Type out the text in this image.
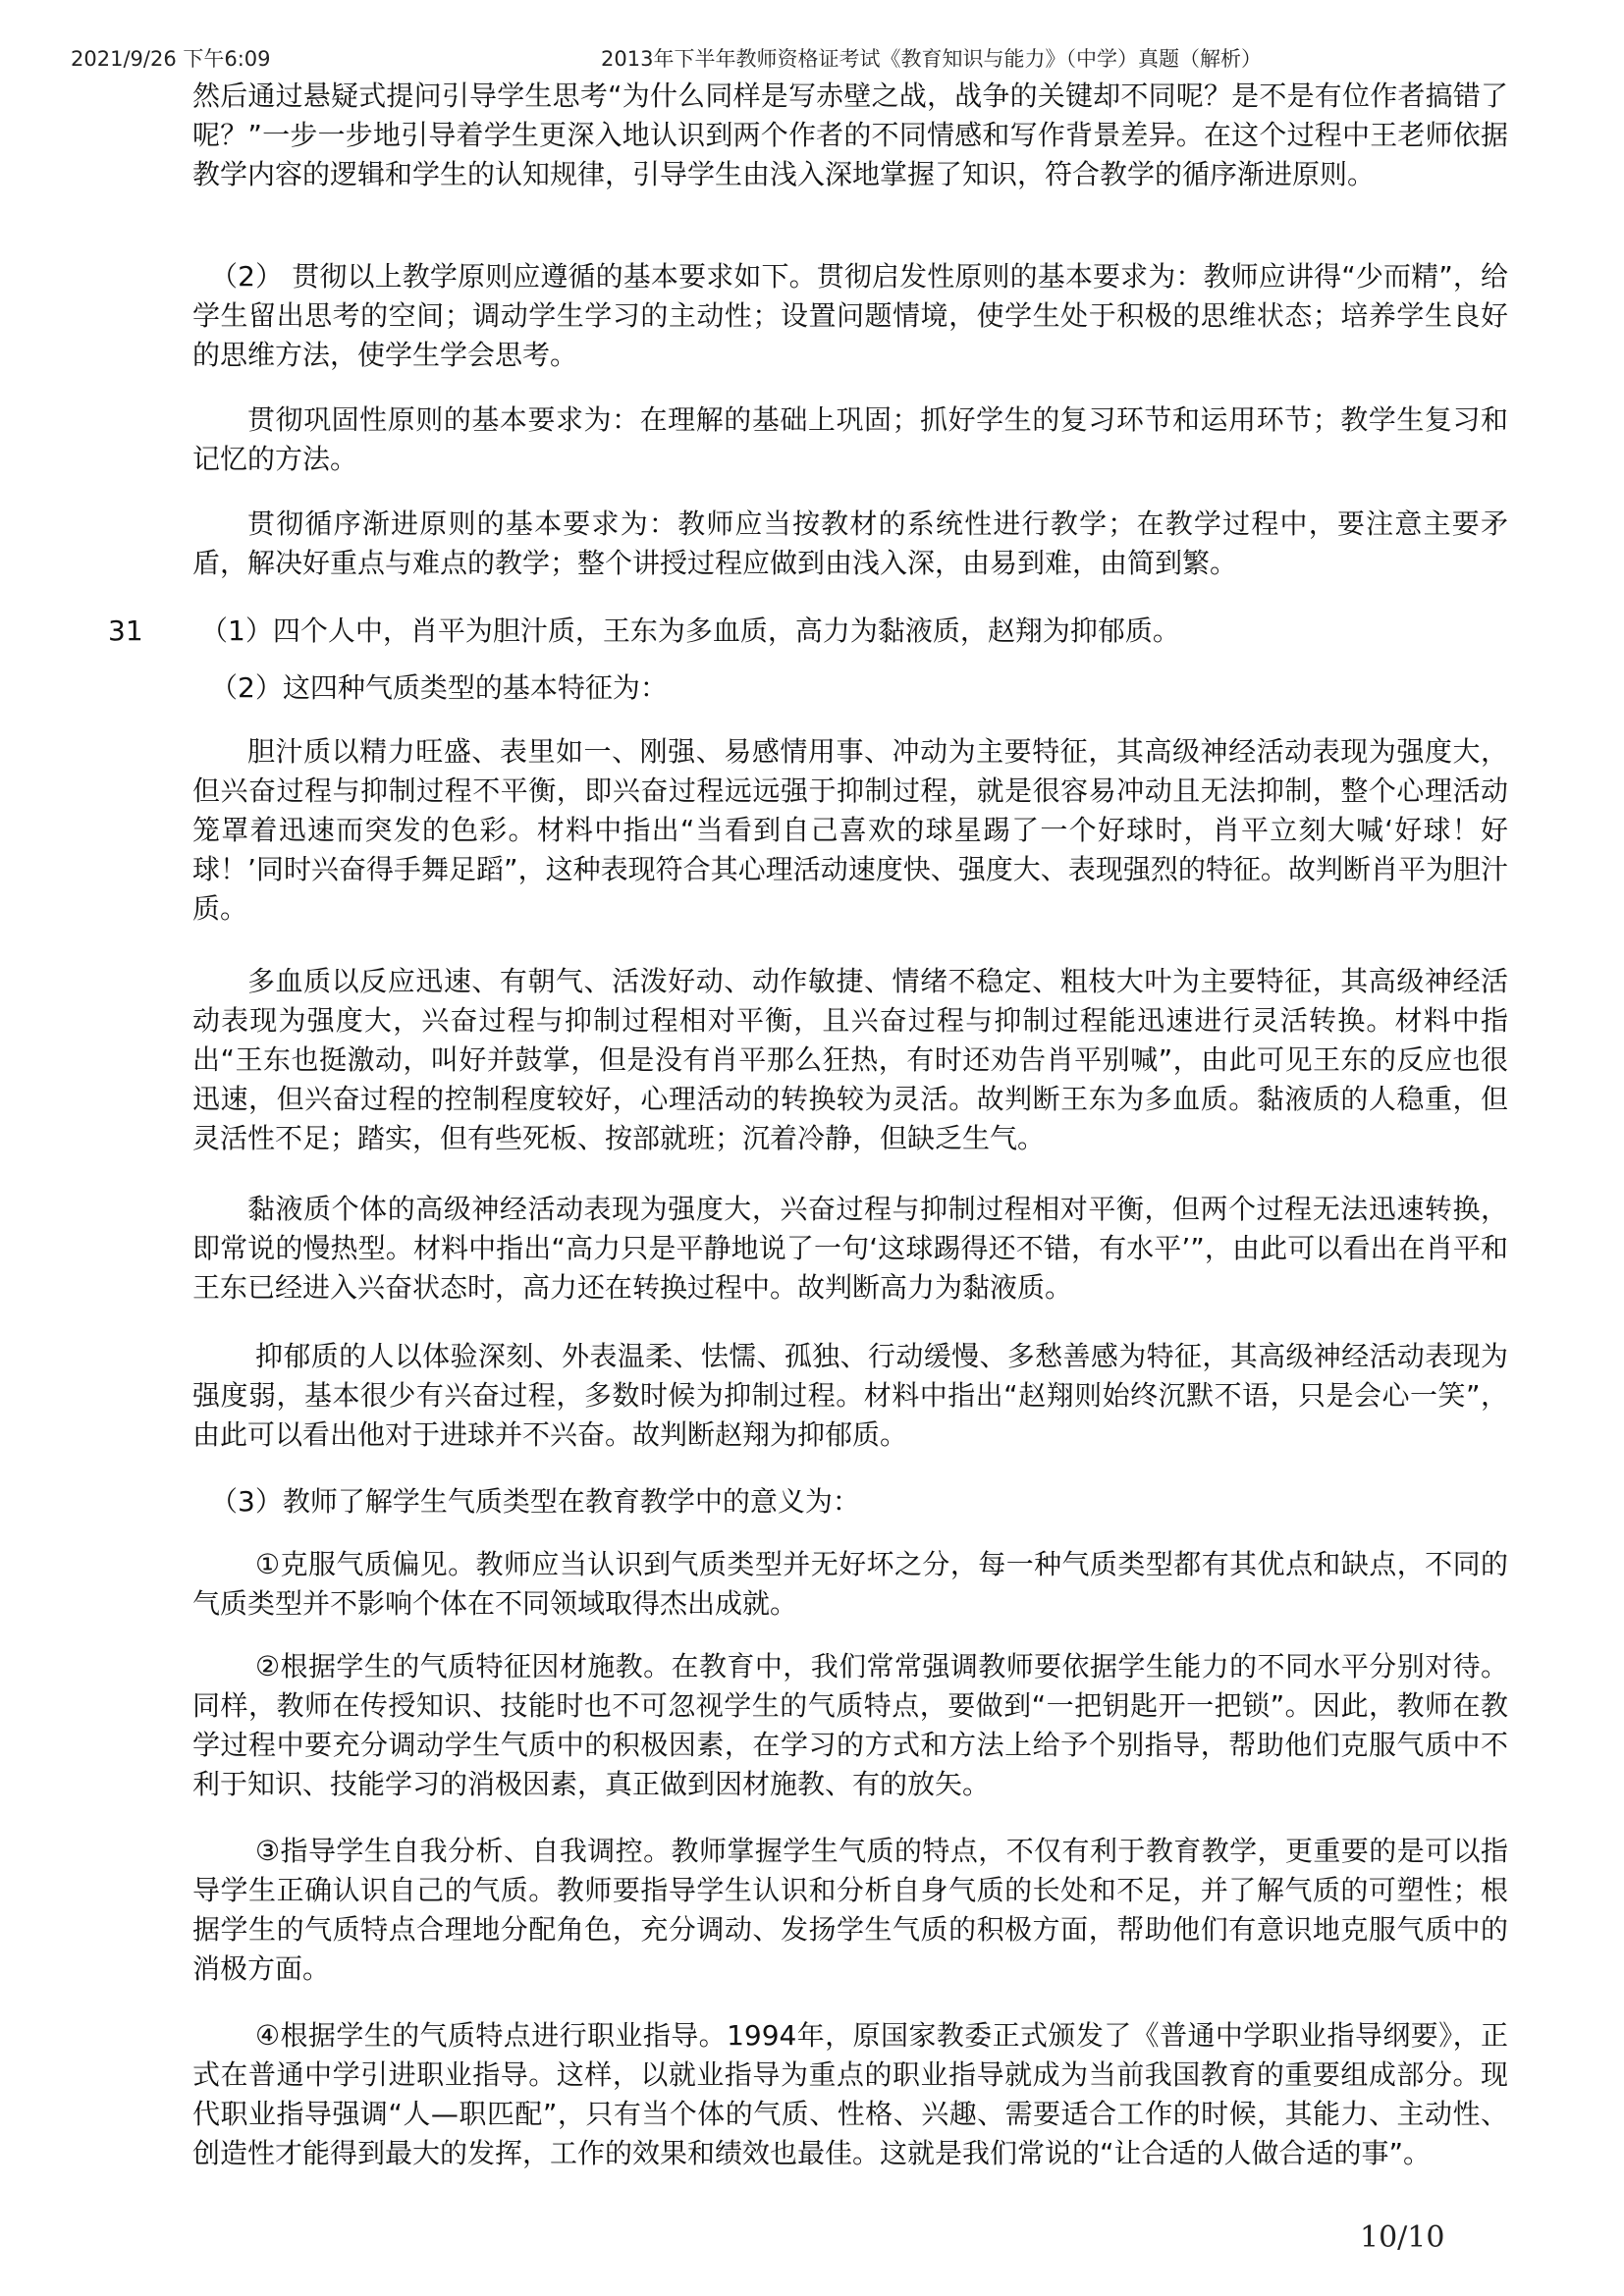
2021/9/26 下午6:09	2013年下半年教师资格证考试《教育知识与能力》（中学）真题（解析）

然后通过悬疑式提问引导学生思考“为什么同样是写赤壁之战，战争的关键却不同呢？是不是有位作者搞错了呢？”一步一步地引导着学生更深入地认识到两个作者的不同情感和写作背景差异。在这个过程中王老师依据教学内容的逻辑和学生的认知规律，引导学生由浅入深地掌握了知识，符合教学的循序渐进原则。

（2） 贯彻以上教学原则应遵循的基本要求如下。贯彻启发性原则的基本要求为：教师应讲得“少而精”，给学生留出思考的空间；调动学生学习的主动性；设置问题情境，使学生处于积极的思维状态；培养学生良好的思维方法，使学生学会思考。

贯彻巩固性原则的基本要求为：在理解的基础上巩固；抓好学生的复习环节和运用环节；教学生复习和记忆的方法。

贯彻循序渐进原则的基本要求为：教师应当按教材的系统性进行教学；在教学过程中，要注意主要矛盾，解决好重点与难点的教学；整个讲授过程应做到由浅入深，由易到难，由简到繁。

31 （1）四个人中，肖平为胆汁质，王东为多血质，高力为黏液质，赵翔为抑郁质。

（2）这四种气质类型的基本特征为：

胆汁质以精力旺盛、表里如一、刚强、易感情用事、冲动为主要特征，其高级神经活动表现为强度大，但兴奋过程与抑制过程不平衡，即兴奋过程远远强于抑制过程，就是很容易冲动且无法抑制，整个心理活动笼罩着迅速而突发的色彩。材料中指出“当看到自己喜欢的球星踢了一个好球时，肖平立刻大喊‘好球！好球！’同时兴奋得手舞足蹈”，这种表现符合其心理活动速度快、强度大、表现强烈的特征。故判断肖平为胆汁质。

多血质以反应迅速、有朝气、活泼好动、动作敏捷、情绪不稳定、粗枝大叶为主要特征，其高级神经活动表现为强度大，兴奋过程与抑制过程相对平衡，且兴奋过程与抑制过程能迅速进行灵活转换。材料中指出“王东也挺激动，叫好并鼓掌，但是没有肖平那么狂热，有时还劝告肖平别喊”，由此可见王东的反应也很迅速，但兴奋过程的控制程度较好，心理活动的转换较为灵活。故判断王东为多血质。黏液质的人稳重，但灵活性不足；踏实，但有些死板、按部就班；沉着冷静，但缺乏生气。

黏液质个体的高级神经活动表现为强度大，兴奋过程与抑制过程相对平衡，但两个过程无法迅速转换，即常说的慢热型。材料中指出“高力只是平静地说了一句‘这球踢得还不错，有水平’”，由此可以看出在肖平和王东已经进入兴奋状态时，高力还在转换过程中。故判断高力为黏液质。

抑郁质的人以体验深刻、外表温柔、怯懦、孤独、行动缓慢、多愁善感为特征，其高级神经活动表现为强度弱，基本很少有兴奋过程，多数时候为抑制过程。材料中指出“赵翔则始终沉默不语，只是会心一笑”，由此可以看出他对于进球并不兴奋。故判断赵翔为抑郁质。

（3）教师了解学生气质类型在教育教学中的意义为：

①克服气质偏见。教师应当认识到气质类型并无好坏之分，每一种气质类型都有其优点和缺点，不同的气质类型并不影响个体在不同领域取得杰出成就。

②根据学生的气质特征因材施教。在教育中，我们常常强调教师要依据学生能力的不同水平分别对待。同样，教师在传授知识、技能时也不可忽视学生的气质特点，要做到“一把钥匙开一把锁”。因此，教师在教学过程中要充分调动学生气质中的积极因素，在学习的方式和方法上给予个别指导，帮助他们克服气质中不利于知识、技能学习的消极因素，真正做到因材施教、有的放矢。

③指导学生自我分析、自我调控。教师掌握学生气质的特点，不仅有利于教育教学，更重要的是可以指导学生正确认识自己的气质。教师要指导学生认识和分析自身气质的长处和不足，并了解气质的可塑性；根据学生的气质特点合理地分配角色，充分调动、发扬学生气质的积极方面，帮助他们有意识地克服气质中的消极方面。

④根据学生的气质特点进行职业指导。1994年，原国家教委正式颁发了《普通中学职业指导纲要》，正式在普通中学引进职业指导。这样，以就业指导为重点的职业指导就成为当前我国教育的重要组成部分。现代职业指导强调“人—职匹配”，只有当个体的气质、性格、兴趣、需要适合工作的时候，其能力、主动性、创造性才能得到最大的发挥，工作的效果和绩效也最佳。这就是我们常说的“让合适的人做合适的事”。

10/10
